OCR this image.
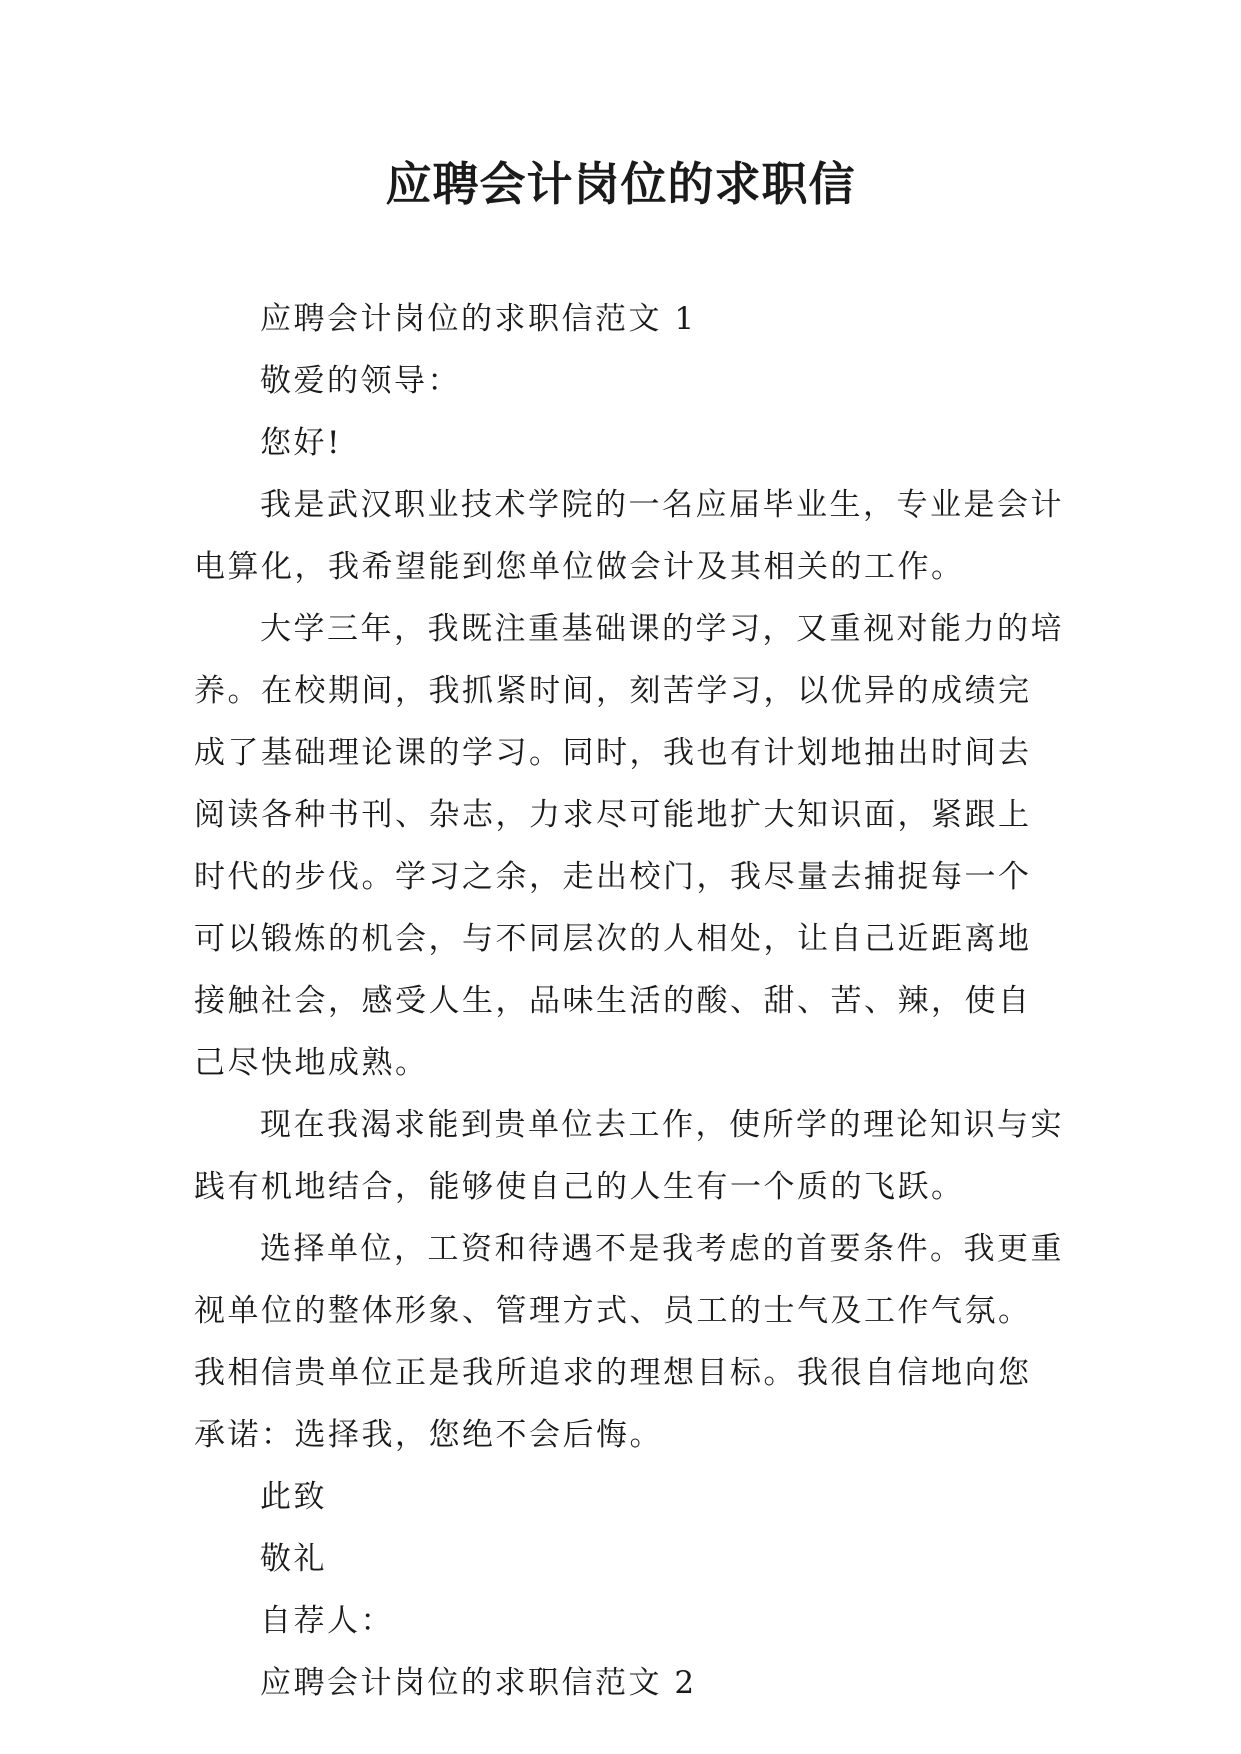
应聘会计岗位的求职信

应聘会计岗位的求职信范文 1

敬爱的领导：

您好!

我是武汉职业技术学院的一名应届毕业生，专业是会计电算化，我希望能到您单位做会计及其相关的工作。

大学三年，我既注重基础课的学习，又重视对能力的培养。在校期间，我抓紧时间，刻苦学习，以优异的成绩完成了基础理论课的学习。同时，我也有计划地抽出时间去阅读各种书刊、杂志，力求尽可能地扩大知识面，紧跟上时代的步伐。学习之余，走出校门，我尽量去捕捉每一个可以锻炼的机会，与不同层次的人相处，让自己近距离地接触社会，感受人生，品味生活的酸、甜、苦、辣，使自己尽快地成熟。

现在我渴求能到贵单位去工作，使所学的理论知识与实践有机地结合，能够使自己的人生有一个质的飞跃。

选择单位，工资和待遇不是我考虑的首要条件。我更重视单位的整体形象、管理方式、员工的士气及工作气氛。我相信贵单位正是我所追求的理想目标。我很自信地向您承诺：选择我，您绝不会后悔。

此致

敬礼

自荐人：

应聘会计岗位的求职信范文 2
